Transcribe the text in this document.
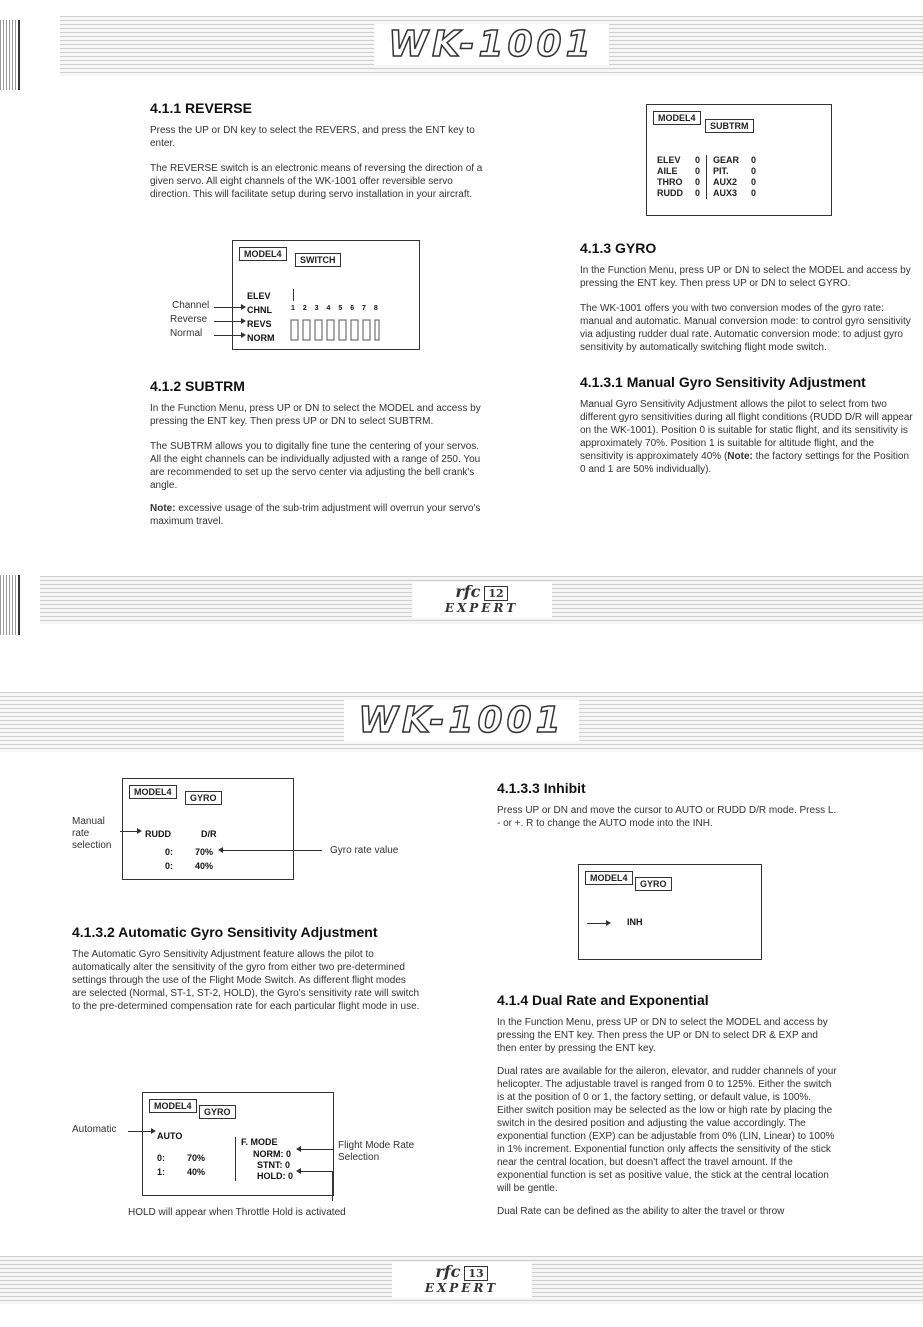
WK-1001
4.1.1 REVERSE

Press the UP or DN key to select the REVERS, and press the ENT key to enter.

The REVERSE switch is an electronic means of reversing the direction of a given servo. All eight channels of the WK-1001 offer reversible servo direction. This will facilitate setup during servo installation in your aircraft.

MODEL4
SWITCH
ELEV
CHNL
REVS
NORM
1 2 3 4 5 6 7 8
Channel
Reverse
Normal
4.1.2 SUBTRM

In the Function Menu, press UP or DN to select the MODEL and access by pressing the ENT key. Then press UP or DN to select SUBTRM.

The SUBTRM allows you to digitally fine tune the centering of your servos. All the eight channels can be individually adjusted with a range of 250. You are recommended to set up the servo center via adjusting the bell crank's angle.

Note: excessive usage of the sub-trim adjustment will overrun your servo's maximum travel.

MODEL4
SUBTRM
ELEV	0	GEAR	0
AILE	0	PIT.	0
THRO	0	AUX2	0
RUDD	0	AUX3	0
4.1.3 GYRO

In the Function Menu, press UP or DN to select the MODEL and access by pressing the ENT key. Then press UP or DN to select GYRO.

The WK-1001 offers you with two conversion modes of the gyro rate: manual and automatic. Manual conversion mode: to control gyro sensitivity via adjusting rudder dual rate. Automatic conversion mode: to adjust gyro sensitivity by automatically switching flight mode switch.

4.1.3.1 Manual Gyro Sensitivity Adjustment

Manual Gyro Sensitivity Adjustment allows the pilot to select from two different gyro sensitivities during all flight conditions (RUDD D/R will appear on the WK-1001). Position 0 is suitable for static flight, and its sensitivity is approximately 70%. Position 1 is suitable for altitude flight, and the sensitivity is approximately 40% (Note: the factory settings for the Position 0 and 1 are 50% individually).

rfc 12
EXPERT
WK-1001
MODEL4
GYRO
RUDD	D/R
0: 70%
0: 40%
Manual rate selection	Gyro rate value
4.1.3.2 Automatic Gyro Sensitivity Adjustment

The Automatic Gyro Sensitivity Adjustment feature allows the pilot to automatically alter the sensitivity of the gyro from either two pre-determined settings through the use of the Flight Mode Switch. As different flight modes are selected (Normal, ST-1, ST-2, HOLD), the Gyro's sensitivity rate will switch to the pre-determined compensation rate for each particular flight mode in use.

MODEL4
GYRO
AUTO
F. MODE
0: 70%
1: 40%
NORM: 0
STNT: 0
HOLD: 0
Automatic
Flight Mode Rate Selection
HOLD will appear when Throttle Hold is activated
4.1.3.3 Inhibit

Press UP or DN and move the cursor to AUTO or RUDD D/R mode. Press L. - or +. R to change the AUTO mode into the INH.

MODEL4
GYRO
INH
4.1.4 Dual Rate and Exponential

In the Function Menu, press UP or DN to select the MODEL and access by pressing the ENT key. Then press the UP or DN to select DR & EXP and then enter by pressing the ENT key.

Dual rates are available for the aileron, elevator, and rudder channels of your helicopter. The adjustable travel is ranged from 0 to 125%. Either the switch is at the position of 0 or 1, the factory setting, or default value, is 100%. Either switch position may be selected as the low or high rate by placing the switch in the desired position and adjusting the value accordingly. The exponential function (EXP) can be adjustable from 0% (LIN, Linear) to 100% in 1% increment. Exponential function only affects the sensitivity of the stick near the central location, but doesn't affect the travel amount. If the exponential function is set as positive value, the stick at the central location will be gentle.

Dual Rate can be defined as the ability to alter the travel or throw

rfc 13
EXPERT
